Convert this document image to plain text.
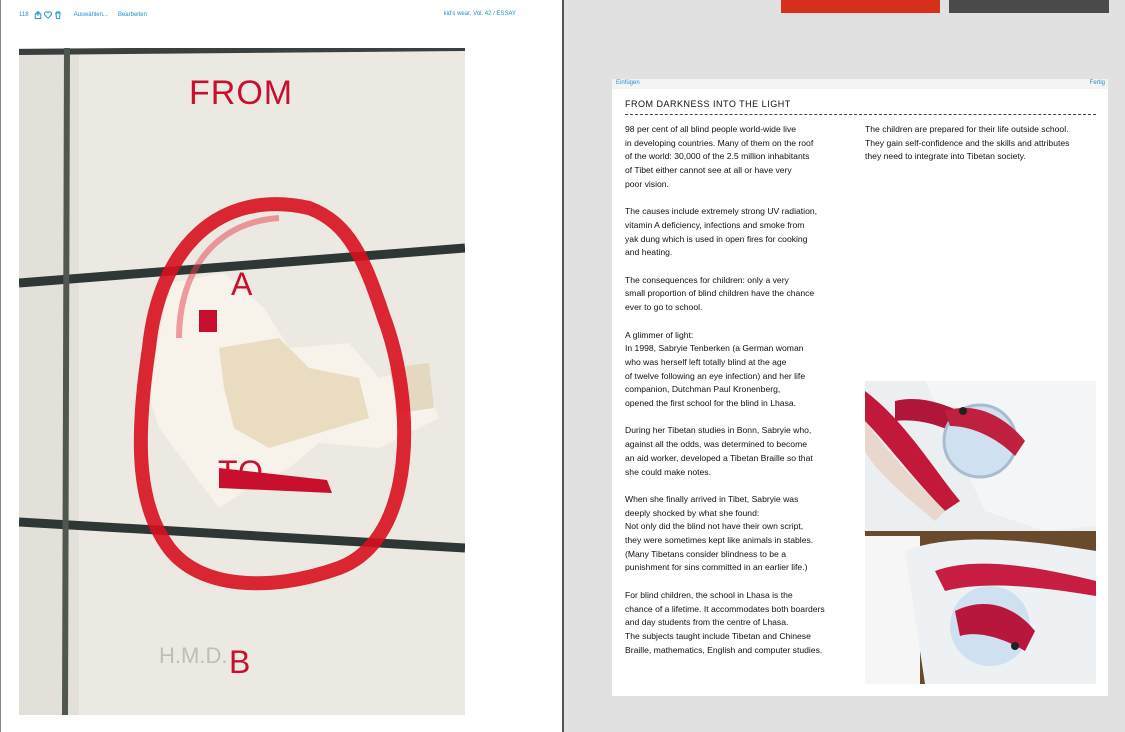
118	Auswählen... Bearbeiten	kid's wear, Vol. 42 / ESSAY
H.M.D.
FROM
A
TO
B
Einfügen	Fertig
FROM DARKNESS INTO THE LIGHT

98 per cent of all blind people world-wide live
in developing countries. Many of them on the roof
of the world: 30,000 of the 2.5 million inhabitants
of Tibet either cannot see at all or have very
poor vision.

The causes include extremely strong UV radiation,
vitamin A deficiency, infections and smoke from
yak dung which is used in open fires for cooking
and heating.

The consequences for children: only a very
small proportion of blind children have the chance
ever to go to school.

A glimmer of light:
In 1998, Sabryie Tenberken (a German woman
who was herself left totally blind at the age
of twelve following an eye infection) and her life
companion, Dutchman Paul Kronenberg,
opened the first school for the blind in Lhasa.

During her Tibetan studies in Bonn, Sabryie who,
against all the odds, was determined to become
an aid worker, developed a Tibetan Braille so that
she could make notes.

When she finally arrived in Tibet, Sabryie was
deeply shocked by what she found:
Not only did the blind not have their own script,
they were sometimes kept like animals in stables.
(Many Tibetans consider blindness to be a
punishment for sins committed in an earlier life.)

For blind children, the school in Lhasa is the
chance of a lifetime. It accommodates both boarders
and day students from the centre of Lhasa.
The subjects taught include Tibetan and Chinese
Braille, mathematics, English and computer studies.

The children are prepared for their life outside school.
They gain self-confidence and the skills and attributes
they need to integrate into Tibetan society.
